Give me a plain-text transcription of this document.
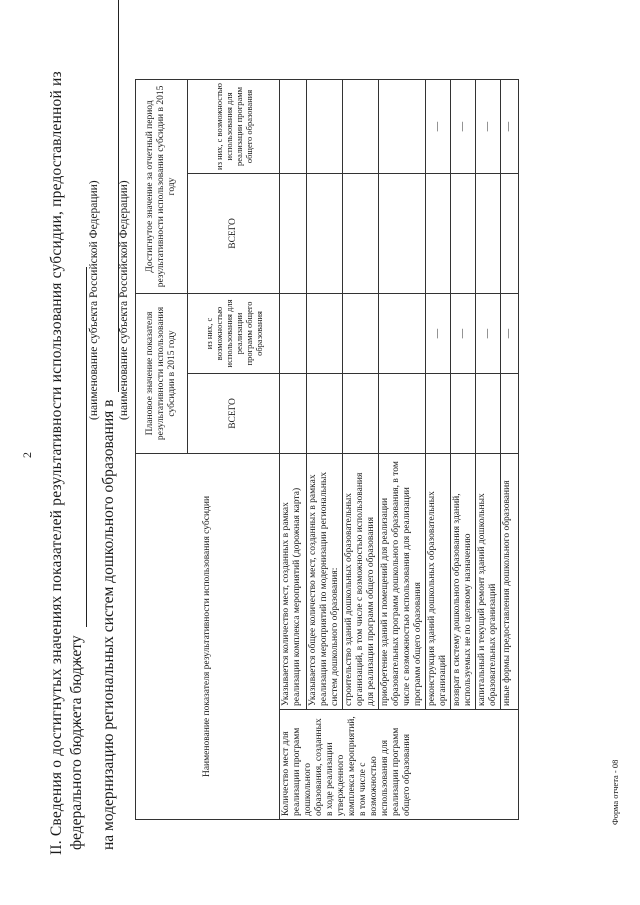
2 II. Сведения о достигнутых значениях показателей результативности использования субсидии, предоставленной из федерального бюджета бюджету
(наименование субъекта Российской Федерации)
на модернизацию региональных систем дошкольного образования в
(наименование субъекта Российской Федерации)
Наименование показателя результативности использования субсидии		Плановое значение показателя результативности использования субсидии в 2015 году		Достигнутое значение за отчетный период результативности использования субсидии в 2015 году	
		ВСЕГО	из них, с возможностью использования для реализации программ общего образования	ВСЕГО	из них, с возможностью использования для реализации программ общего образования
Количество мест для реализации программ дошкольного образования, созданных в ходе реализации утвержденного комплекса мероприятий, в том числе с возможностью использования для реализации программ общего образования	Указывается количество мест, созданных в рамках реализации комплекса мероприятий (дорожная карта)				
	Указывается общее количество мест, созданных в рамках реализации мероприятий по модернизации региональных систем дошкольного образования:				
	строительство зданий дошкольных образовательных организаций, в том числе с возможностью использования для реализации программ общего образования				
	приобретение зданий и помещений для реализации образовательных программ дошкольного образования, в том числе с возможностью использования для реализации программ общего образования				
	реконструкция зданий дошкольных образовательных организаций		—		—
	возврат в систему дошкольного образования зданий, используемых не по целевому назначению		—		—
	капитальный и текущий ремонт зданий дошкольных образовательных организаций		—		—
	иные формы предоставления дошкольного образования		—		—
Форма отчета - 08
